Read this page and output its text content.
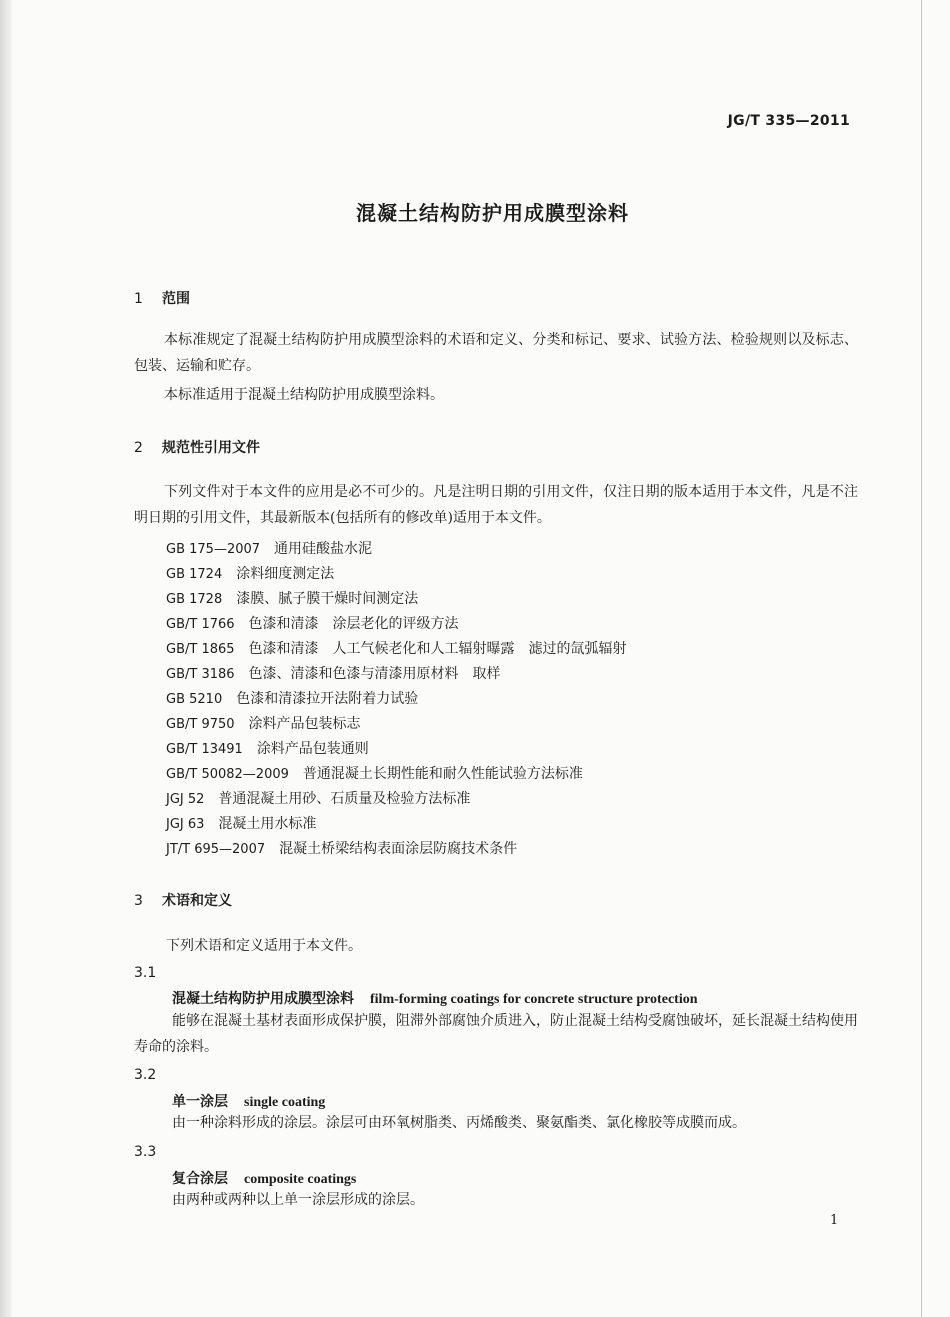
JG/T 335—2011
混凝土结构防护用成膜型涂料
1 范围
本标准规定了混凝土结构防护用成膜型涂料的术语和定义、分类和标记、要求、试验方法、检验规则以及标志、包装、运输和贮存。
本标准适用于混凝土结构防护用成膜型涂料。
2 规范性引用文件
下列文件对于本文件的应用是必不可少的。凡是注明日期的引用文件，仅注日期的版本适用于本文件，凡是不注明日期的引用文件，其最新版本(包括所有的修改单)适用于本文件。
GB 175—2007 通用硅酸盐水泥
GB 1724 涂料细度测定法
GB 1728 漆膜、腻子膜干燥时间测定法
GB/T 1766 色漆和清漆　涂层老化的评级方法
GB/T 1865 色漆和清漆　人工气候老化和人工辐射曝露　滤过的氙弧辐射
GB/T 3186 色漆、清漆和色漆与清漆用原材料　取样
GB 5210 色漆和清漆拉开法附着力试验
GB/T 9750 涂料产品包装标志
GB/T 13491 涂料产品包装通则
GB/T 50082—2009 普通混凝土长期性能和耐久性能试验方法标准
JGJ 52 普通混凝土用砂、石质量及检验方法标准
JGJ 63 混凝土用水标准
JT/T 695—2007 混凝土桥梁结构表面涂层防腐技术条件
3 术语和定义
下列术语和定义适用于本文件。
3.1
混凝土结构防护用成膜型涂料 film-forming coatings for concrete structure protection
能够在混凝土基材表面形成保护膜，阻滞外部腐蚀介质进入，防止混凝土结构受腐蚀破坏，延长混凝土结构使用寿命的涂料。
3.2
单一涂层 single coating
由一种涂料形成的涂层。涂层可由环氧树脂类、丙烯酸类、聚氨酯类、氯化橡胶等成膜而成。
3.3
复合涂层 composite coatings
由两种或两种以上单一涂层形成的涂层。
1
